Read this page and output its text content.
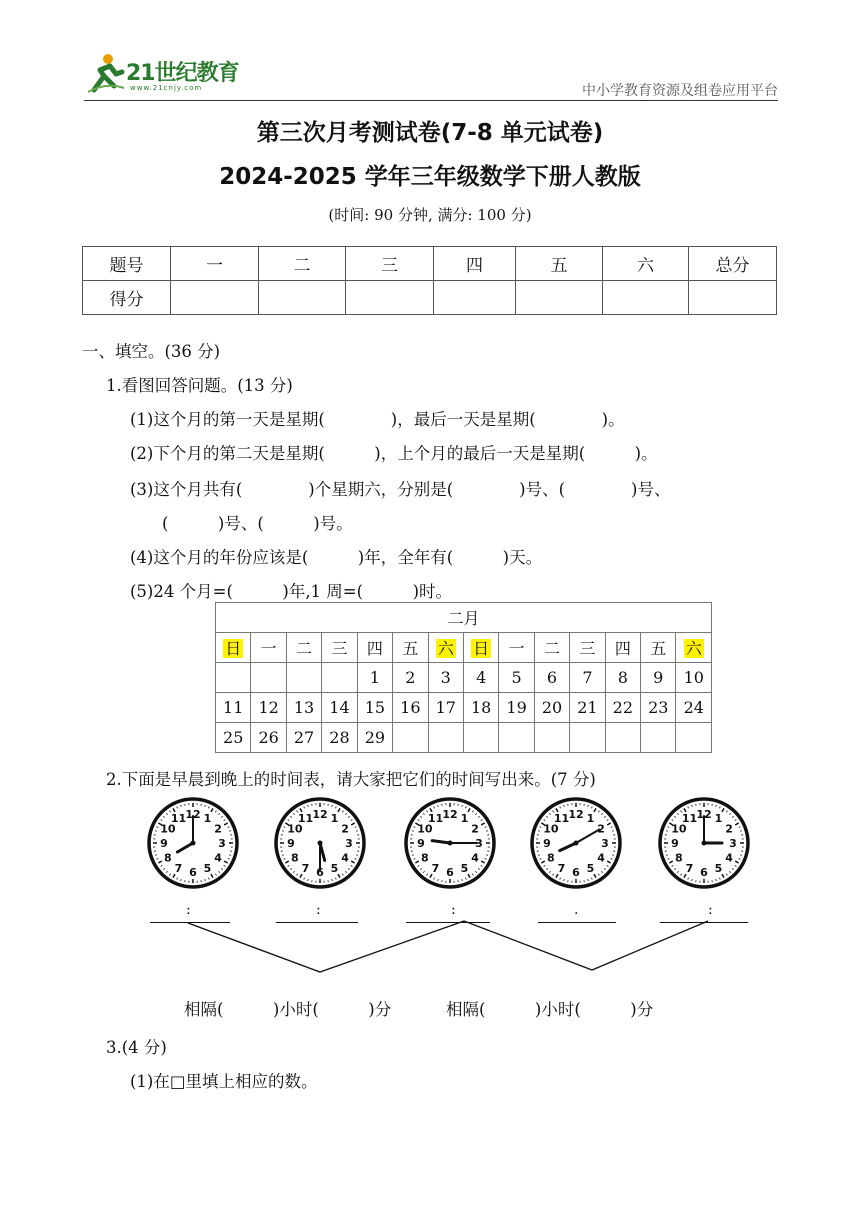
21世纪教育
www.21cnjy.com	中小学教育资源及组卷应用平台
第三次月考测试卷(7-8 单元试卷)
2024-2025 学年三年级数学下册人教版
(时间: 90 分钟, 满分: 100 分)
题号	一	二	三	四	五	六	总分
得分							
一、填空。(36 分)
1.看图回答问题。(13 分)
(1)这个月的第一天是星期(　　　　)，最后一天是星期(　　　　)。
(2)下个月的第二天是星期(　　　)，上个月的最后一天是星期(　　　)。
(3)这个月共有(　　　　)个星期六，分别是(　　　　)号、(　　　　)号、
(　　　)号、(　　　)号。
(4)这个月的年份应该是(　　　)年，全年有(　　　)天。
(5)24 个月=(　　　)年,1 周=(　　　)时。
二月													
日	一	二	三	四	五	六	日	一	二	三	四	五	六
				1	2	3	4	5	6	7	8	9	10
11	12	13	14	15	16	17	18	19	20	21	22	23	24
25	26	27	28	29									
2.下面是早晨到晚上的时间表，请大家把它们的时间写出来。(7 分)
1
2
3
4
5
6
7
8
9
10
11 12	1
2
3
4
5
6
7
8
9
10
11 12	1
2
3
4
5
6
7
8
9
10
11 12	1
2
3
4
5
6
7
8
9
10
11 12	1
2
3
4
5
6
7
8
9
10
11 12
:	:	:	.	:
相隔(　　　)小时(　　　)分	相隔(　　　)小时(　　　)分
3.(4 分)
(1)在□里填上相应的数。
